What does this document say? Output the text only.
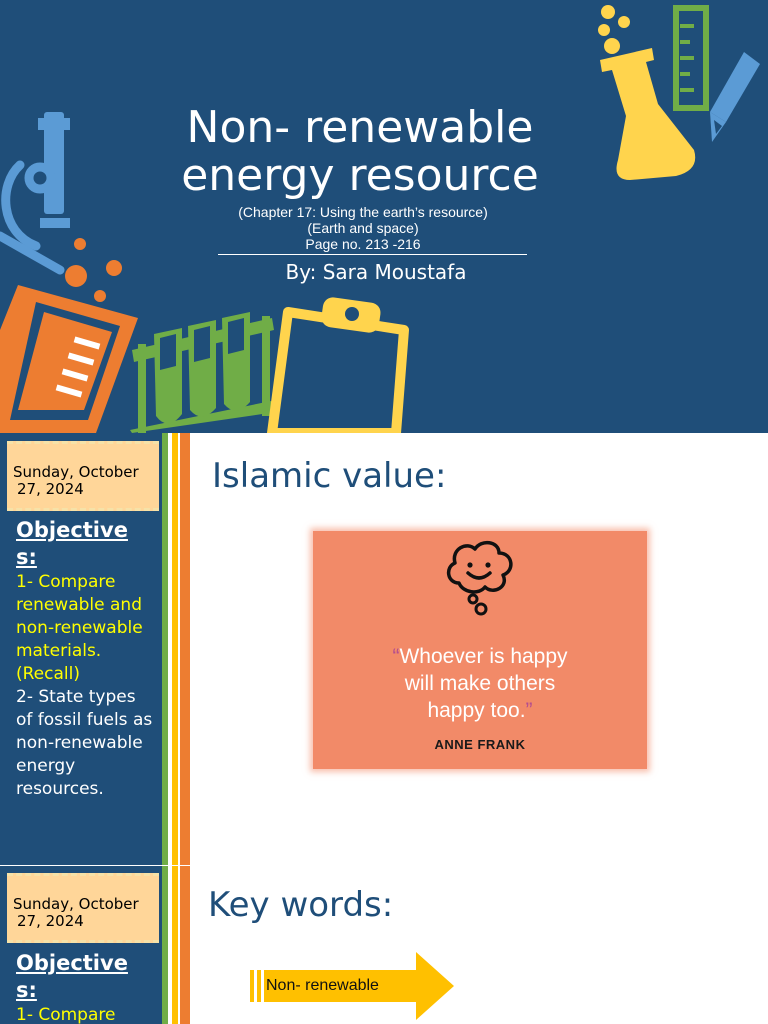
Non- renewable
energy resource
(Chapter 17: Using the earth’s resource)
(Earth and space)
Page no. 213 -216
By: Sara Moustafa
Sunday, October
27, 2024
Objectives:
1- Compare renewable and non-renewable materials.
(Recall)
2- State types of fossil fuels as non-renewable energy resources.
Sunday, October
27, 2024
Objectives:
1- Compare
Islamic value:
“Whoever is happy
will make others
happy too.”
ANNE FRANK
Key words:
Non- renewable
